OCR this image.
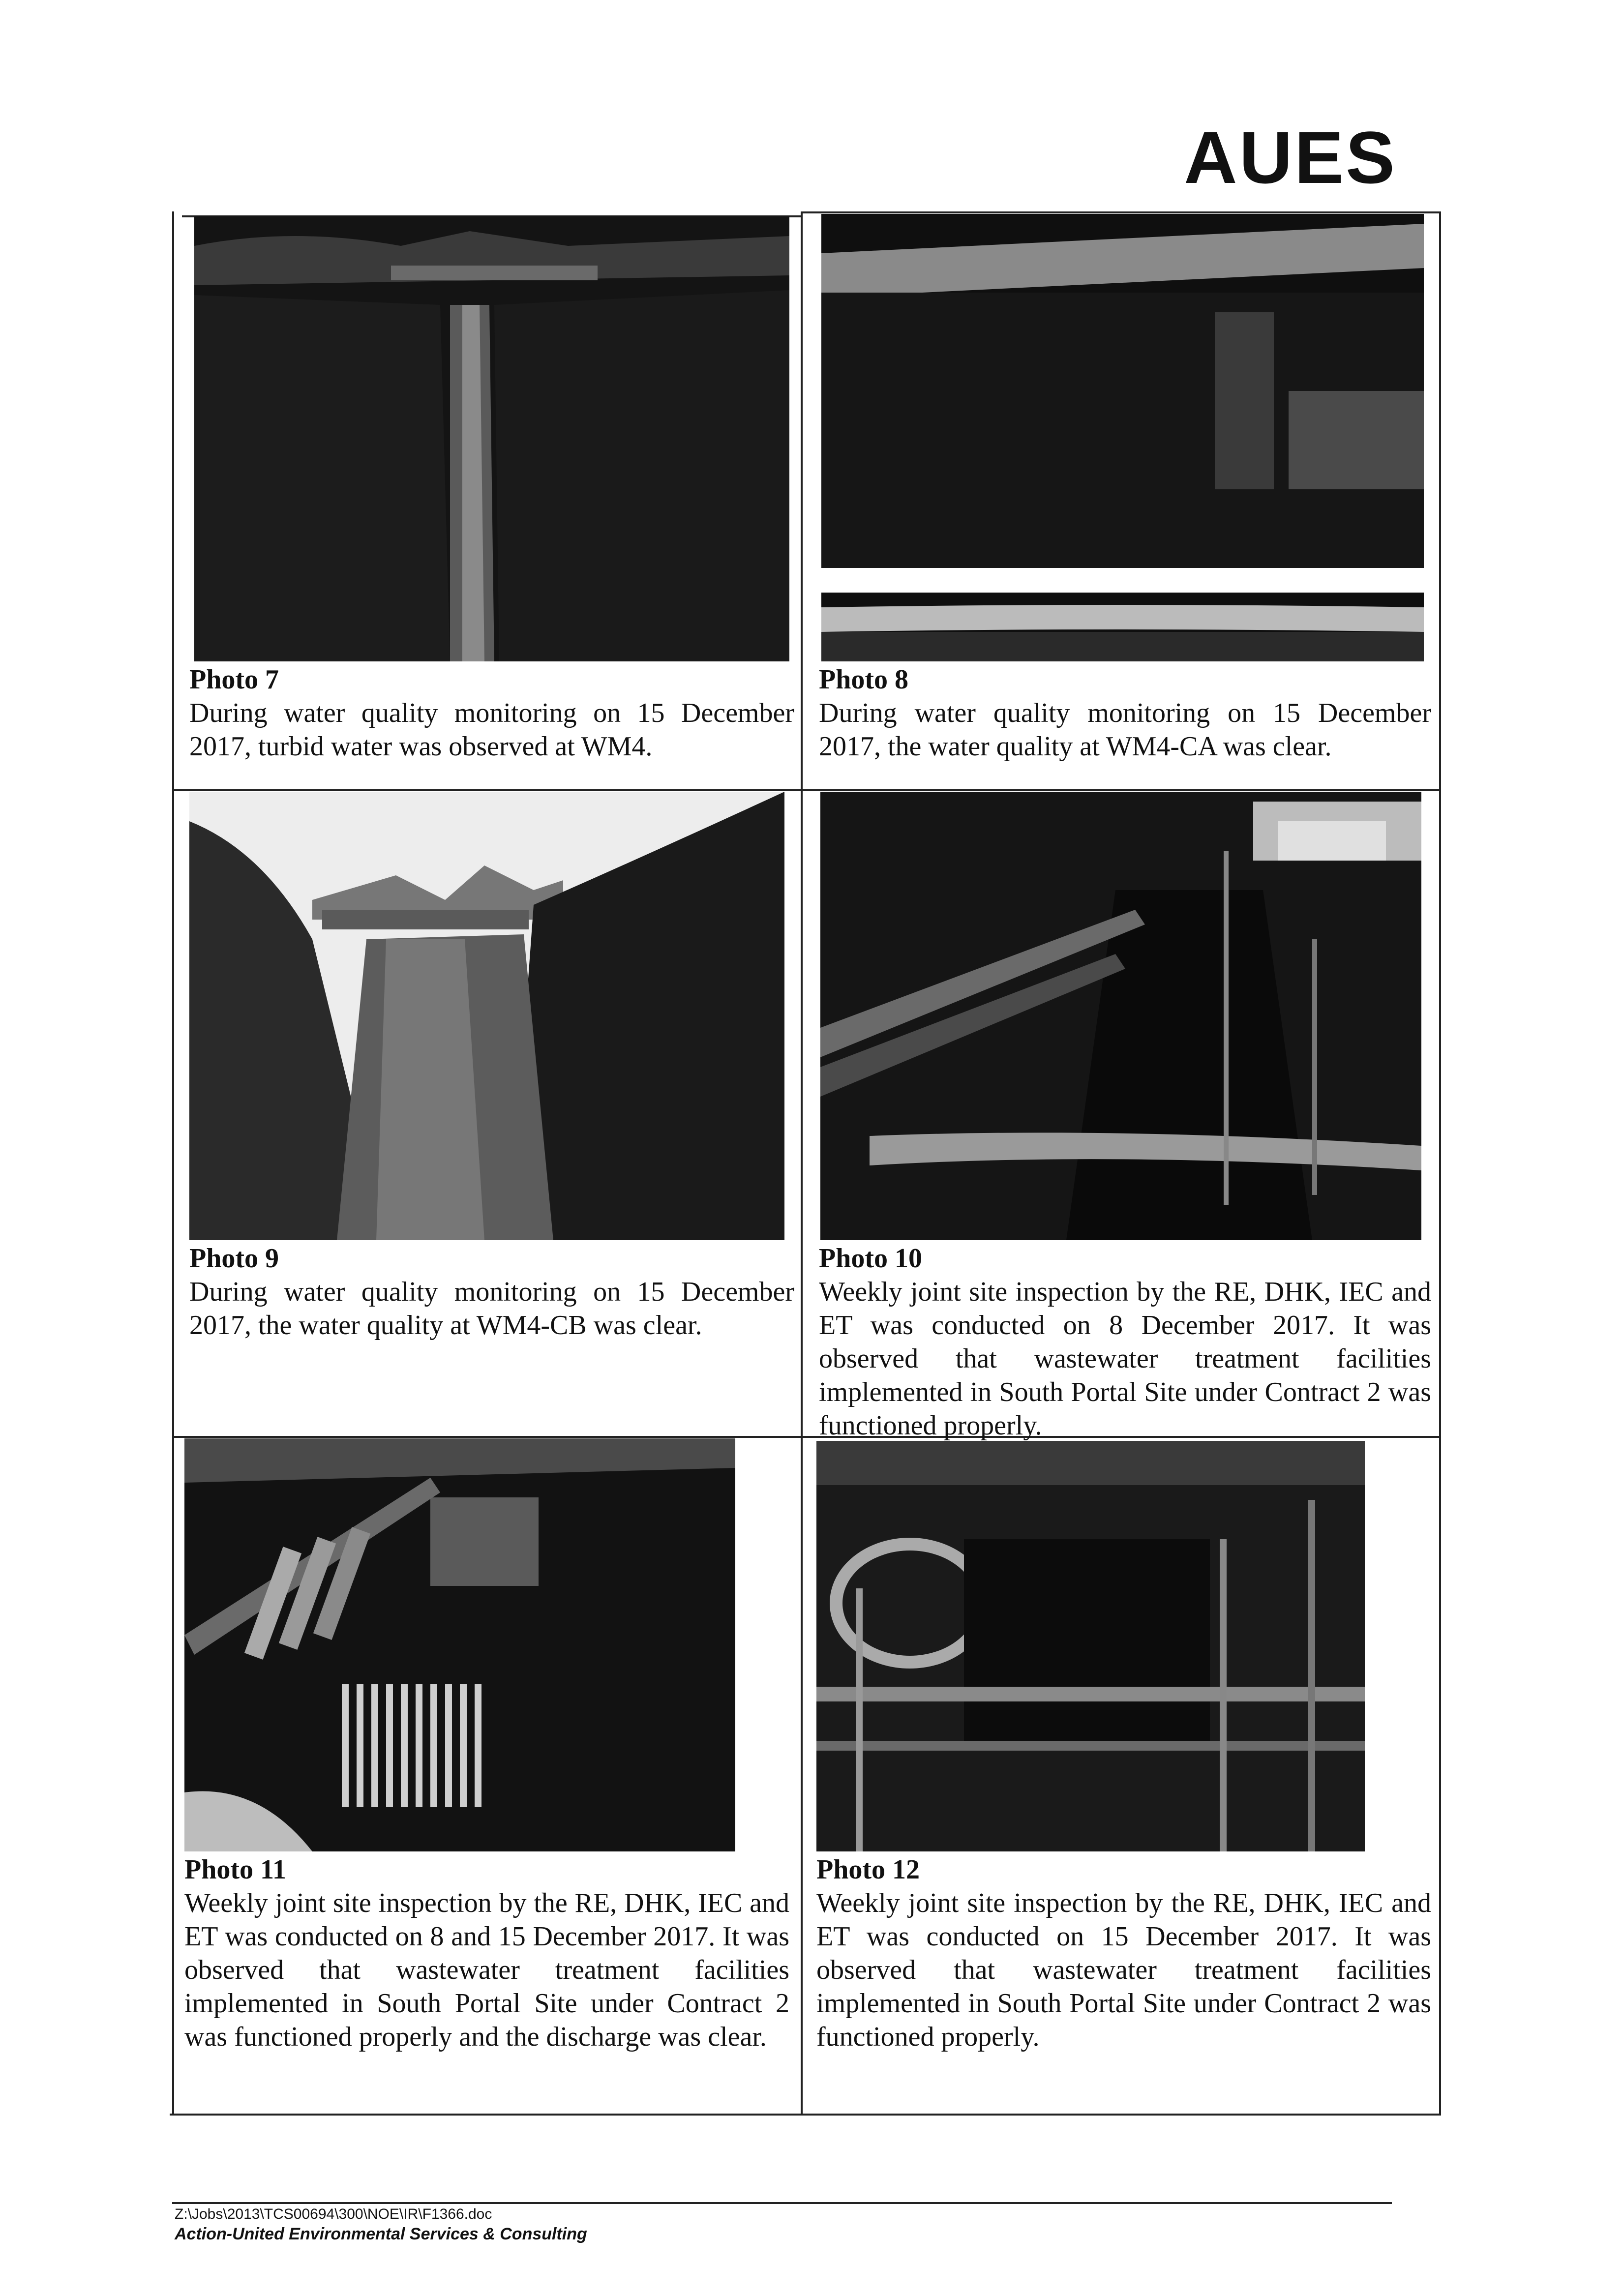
AUES
Photo 7
During water quality monitoring on 15 December 2017, turbid water was observed at WM4.
Photo 8
During water quality monitoring on 15 December 2017, the water quality at WM4-CA was clear.
Photo 9
During water quality monitoring on 15 December 2017, the water quality at WM4-CB was clear.
Photo 10
Weekly joint site inspection by the RE, DHK, IEC and ET was conducted on 8 December 2017. It was observed that wastewater treatment facilities implemented in South Portal Site under Contract 2 was functioned properly.
Photo 11
Weekly joint site inspection by the RE, DHK, IEC and ET was conducted on 8 and 15 December 2017. It was observed that wastewater treatment facilities implemented in South Portal Site under Contract 2 was functioned properly and the discharge was clear.
Photo 12
Weekly joint site inspection by the RE, DHK, IEC and ET was conducted on 15 December 2017. It was observed that wastewater treatment facilities implemented in South Portal Site under Contract 2 was functioned properly.
Z:\Jobs\2013\TCS00694\300\NOE\IR\F1366.doc
Action-United Environmental Services & Consulting
